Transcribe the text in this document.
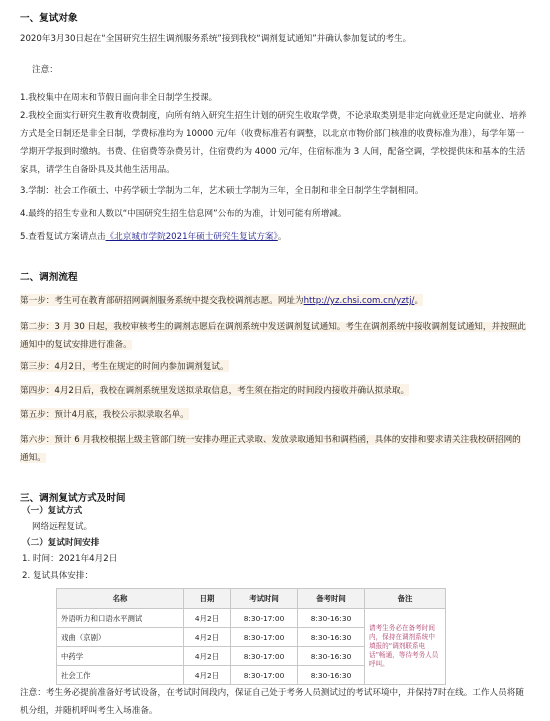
一、复试对象
2020年3月30日起在“全国研究生招生调剂服务系统”接到我校“调剂复试通知”并确认参加复试的考生。
注意：
1.我校集中在周末和节假日面向非全日制学生授课。
2.我校全面实行研究生教育收费制度，向所有纳入研究生招生计划的研究生收取学费，不论录取类别是非定向就业还是定向就业、培养方式是全日制还是非全日制，学费标准均为 10000 元/年（收费标准若有调整，以北京市物价部门核准的收费标准为准），每学年第一学期开学报到时缴纳。书费、住宿费等杂费另计，住宿费约为 4000 元/年，住宿标准为 3 人间，配备空调，学校提供床和基本的生活家具，请学生自备卧具及其他生活用品。
3.学制：社会工作硕士、中药学硕士学制为二年，艺术硕士学制为三年，全日制和非全日制学生学制相同。
4.最终的招生专业和人数以“中国研究生招生信息网”公布的为准，计划可能有所增减。
5.查看复试方案请点击《北京城市学院2021年硕士研究生复试方案》。
二、调剂流程
第一步：考生可在教育部研招网调剂服务系统中提交我校调剂志愿。网址为http://yz.chsi.com.cn/yztj/。
第二步：3 月 30 日起，我校审核考生的调剂志愿后在调剂系统中发送调剂复试通知。考生在调剂系统中接收调剂复试通知，并按照此通知中的复试安排进行准备。
第三步：4月2日，考生在规定的时间内参加调剂复试。
第四步：4月2日后，我校在调剂系统里发送拟录取信息，考生须在指定的时间段内接收并确认拟录取。
第五步：预计4月底，我校公示拟录取名单。
第六步：预计 6 月我校根据上级主管部门统一安排办理正式录取、发放录取通知书和调档函，具体的安排和要求请关注我校研招网的通知。
三、调剂复试方式及时间
（一）复试方式
网络远程复试。
（二）复试时间安排
1. 时间：2021年4月2日
2. 复试具体安排：
名称	日期	考试时间	备考时间	备注
外语听力和口语水平测试	4月2日	8:30-17:00	8:30-16:30	请考生务必在备考时间内，保持在调剂系统中填报的“调剂联系电话”畅通，等待考务人员呼叫。
戏曲（京剧）	4月2日	8:30-17:00	8:30-16:30	
中药学	4月2日	8:30-17:00	8:30-16:30	
社会工作	4月2日	8:30-17:00	8:30-16:30	
注意：考生务必提前准备好考试设备，在考试时间段内，保证自己处于考务人员测试过的考试环境中，并保持7时在线。工作人员将随机分组，并随机呼叫考生入场准备。
